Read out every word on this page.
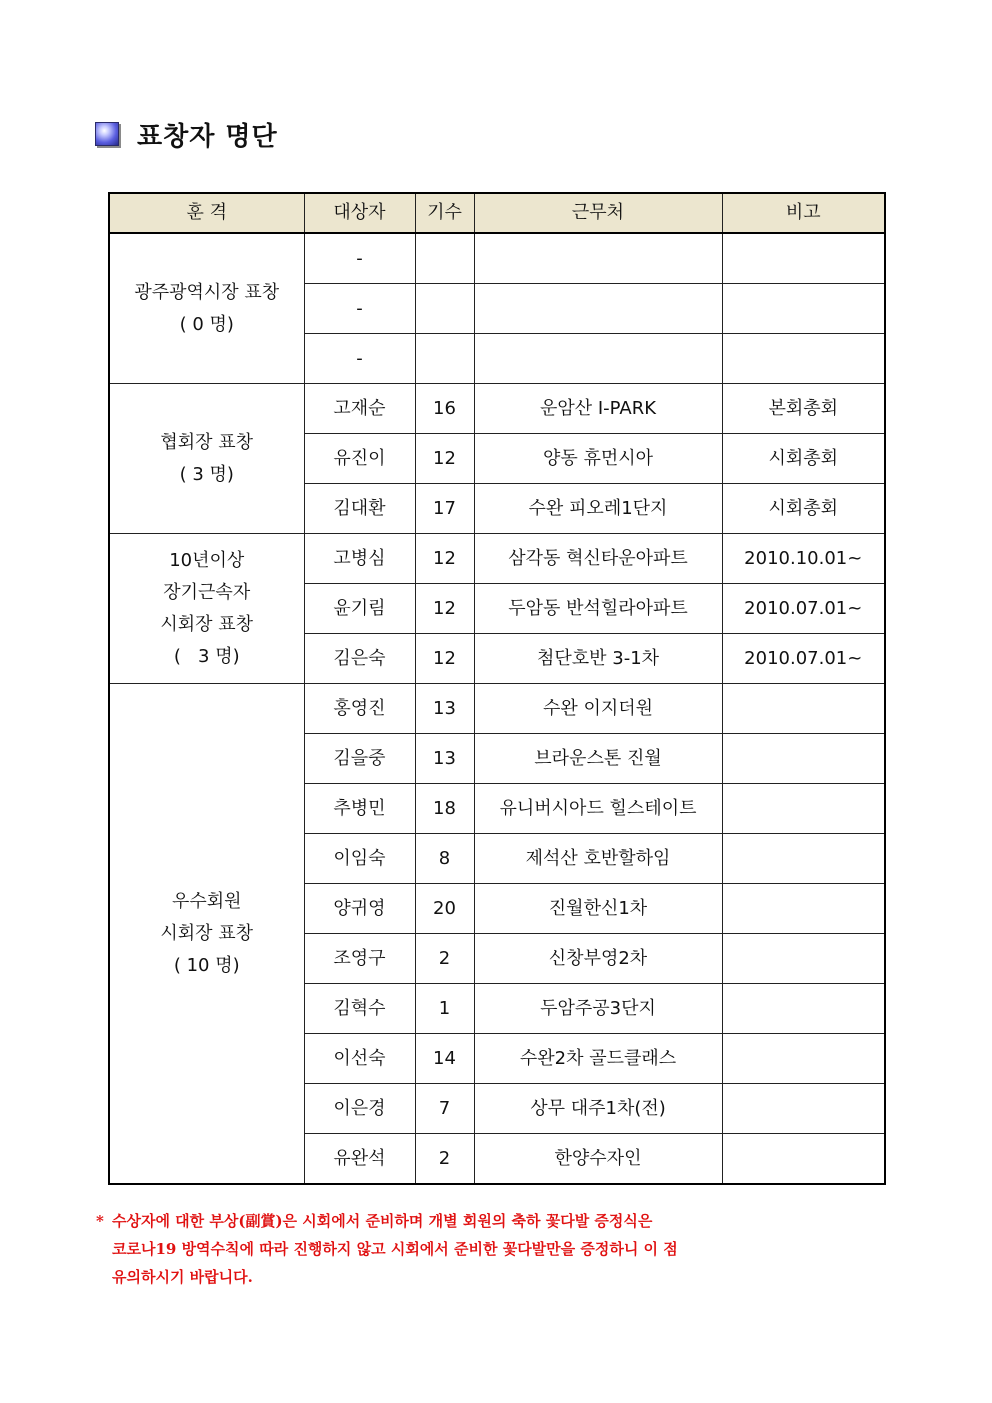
표창자 명단
훈 격	대상자	기수	근무처	비고

광주광역시장 표창
( 0 명)	-			
	-			
	-			

협회장 표창
( 3 명)	고재순	16	운암산 I-PARK	본회총회
	유진이	12	양동 휴먼시아	시회총회
	김대환	17	수완 피오레1단지	시회총회

10년이상
장기근속자
시회장 표창
(   3 명)	고병심	12	삼각동 혁신타운아파트	2010.10.01~
	윤기림	12	두암동 반석힐라아파트	2010.07.01~
	김은숙	12	첨단호반 3-1차	2010.07.01~

우수회원
시회장 표창
( 10 명)	홍영진	13	수완 이지더원	
	김을중	13	브라운스톤 진월	
	추병민	18	유니버시아드 힐스테이트	
	이임숙	8	제석산 호반할하임	
	양귀영	20	진월한신1차	
	조영구	2	신창부영2차	
	김혁수	1	두암주공3단지	
	이선숙	14	수완2차 골드클래스	
	이은경	7	상무 대주1차(전)	
	유완석	2	한양수자인	
* 수상자에 대한 부상(副賞)은 시회에서 준비하며 개별 회원의 축하 꽃다발 증정식은
코로나19 방역수칙에 따라 진행하지 않고 시회에서 준비한 꽃다발만을 증정하니 이 점
유의하시기 바랍니다.
